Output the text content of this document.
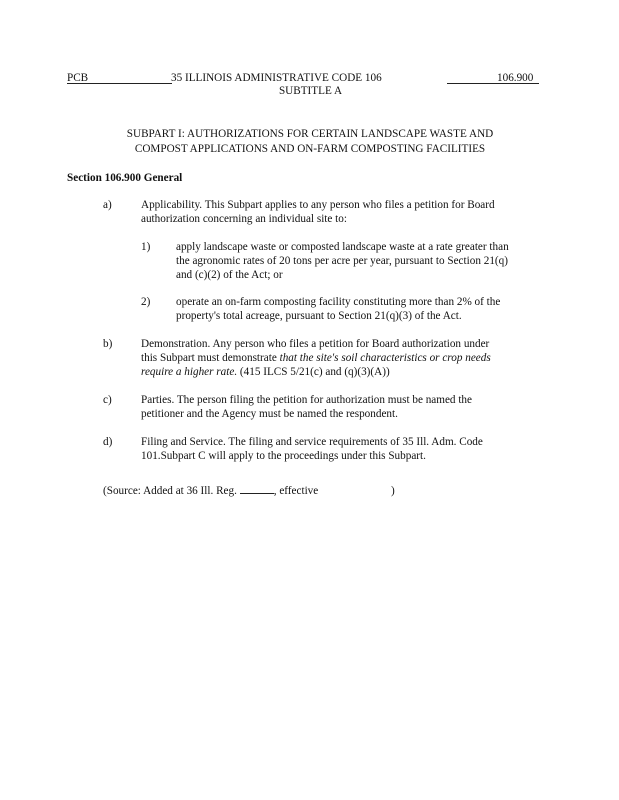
PCB	35 ILLINOIS ADMINISTRATIVE CODE 106	106.900
SUBTITLE A
SUBPART I: AUTHORIZATIONS FOR CERTAIN LANDSCAPE WASTE AND
COMPOST APPLICATIONS AND ON-FARM COMPOSTING FACILITIES
Section 106.900 General
a)	Applicability. This Subpart applies to any person who files a petition for Board
authorization concerning an individual site to:
1) apply landscape waste or composted landscape waste at a rate greater than
the agronomic rates of 20 tons per acre per year, pursuant to Section 21(q)
and (c)(2) of the Act; or
2) operate an on-farm composting facility constituting more than 2% of the
property's total acreage, pursuant to Section 21(q)(3) of the Act.
b)	Demonstration. Any person who files a petition for Board authorization under
this Subpart must demonstrate that the site's soil characteristics or crop needs
require a higher rate. (415 ILCS 5/21(c) and (q)(3)(A))
c)	Parties. The person filing the petition for authorization must be named the
petitioner and the Agency must be named the respondent.
d)	Filing and Service. The filing and service requirements of 35 Ill. Adm. Code
101.Subpart C will apply to the proceedings under this Subpart.
(Source: Added at 36 Ill. Reg.	, effective	)
